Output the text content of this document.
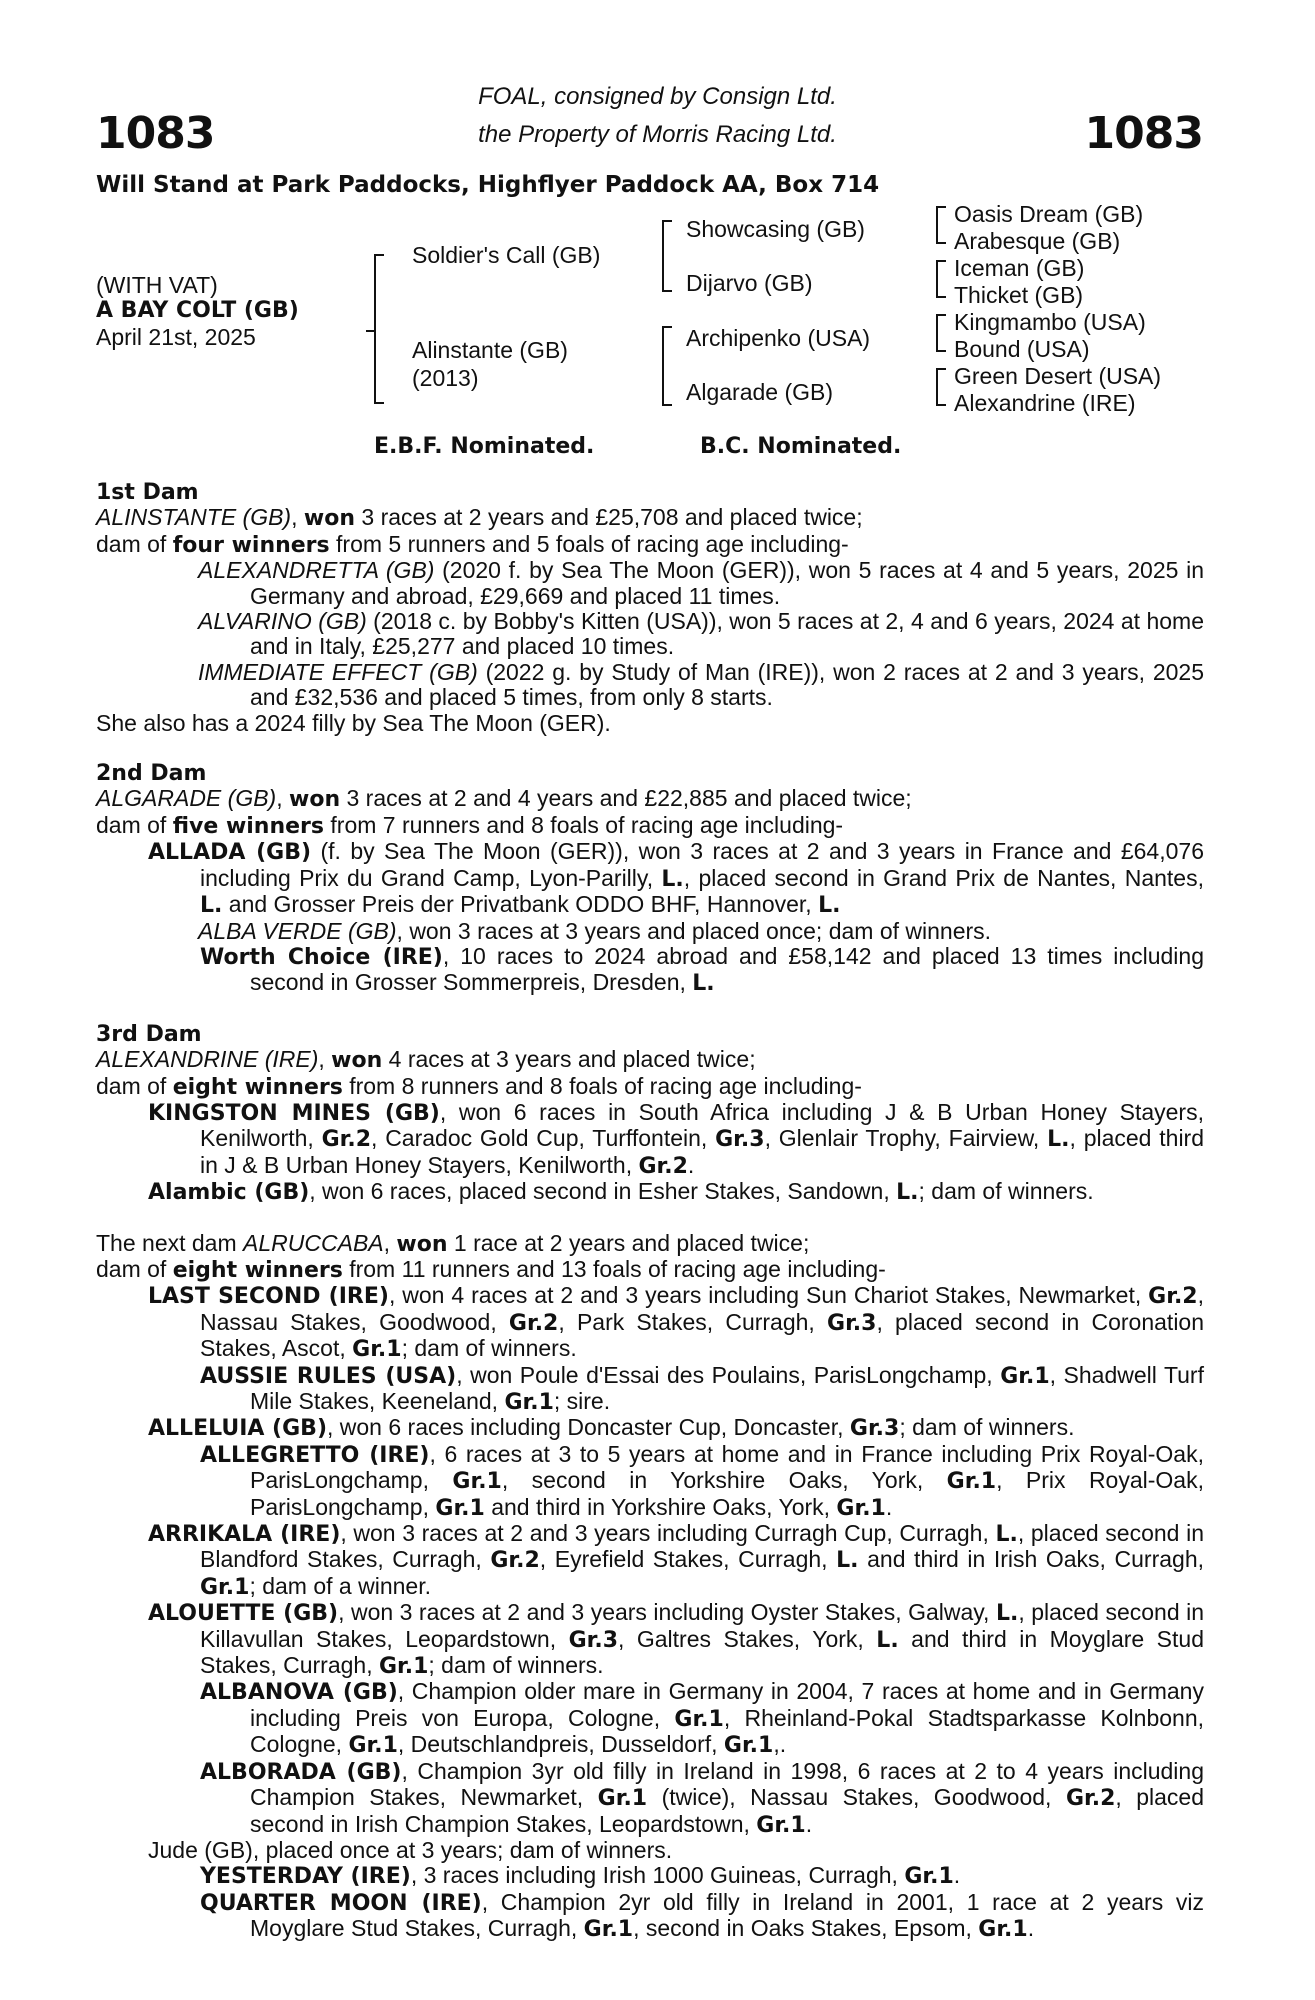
1083	1083
FOAL, consigned by Consign Ltd.
the Property of Morris Racing Ltd.
Will Stand at Park Paddocks, Highflyer Paddock AA, Box 714
(WITH VAT)
A BAY COLT (GB)
April 21st, 2025
Soldier's Call (GB)
Alinstante (GB)
(2013)
Showcasing (GB)
Dijarvo (GB)
Archipenko (USA)
Algarade (GB)
Oasis Dream (GB)
Arabesque (GB)
Iceman (GB)
Thicket (GB)
Kingmambo (USA)
Bound (USA)
Green Desert (USA)
Alexandrine (IRE)
E.B.F. Nominated.	B.C. Nominated.

1st Dam

ALINSTANTE (GB), won 3 races at 2 years and £25,708 and placed twice;

dam of four winners from 5 runners and 5 foals of racing age including-

ALEXANDRETTA (GB) (2020 f. by Sea The Moon (GER)), won 5 races at 4 and 5 years, 2025 in Germany and abroad, £29,669 and placed 11 times.

ALVARINO (GB) (2018 c. by Bobby's Kitten (USA)), won 5 races at 2, 4 and 6 years, 2024 at home and in Italy, £25,277 and placed 10 times.

IMMEDIATE EFFECT (GB) (2022 g. by Study of Man (IRE)), won 2 races at 2 and 3 years, 2025 and £32,536 and placed 5 times, from only 8 starts.

She also has a 2024 filly by Sea The Moon (GER).

2nd Dam

ALGARADE (GB), won 3 races at 2 and 4 years and £22,885 and placed twice;

dam of five winners from 7 runners and 8 foals of racing age including-

ALLADA (GB) (f. by Sea The Moon (GER)), won 3 races at 2 and 3 years in France and £64,076 including Prix du Grand Camp, Lyon-Parilly, L., placed second in Grand Prix de Nantes, Nantes, L. and Grosser Preis der Privatbank ODDO BHF, Hannover, L.

ALBA VERDE (GB), won 3 races at 3 years and placed once; dam of winners.

Worth Choice (IRE), 10 races to 2024 abroad and £58,142 and placed 13 times including second in Grosser Sommerpreis, Dresden, L.

3rd Dam

ALEXANDRINE (IRE), won 4 races at 3 years and placed twice;

dam of eight winners from 8 runners and 8 foals of racing age including-

KINGSTON MINES (GB), won 6 races in South Africa including J & B Urban Honey Stayers, Kenilworth, Gr.2, Caradoc Gold Cup, Turffontein, Gr.3, Glenlair Trophy, Fairview, L., placed third in J & B Urban Honey Stayers, Kenilworth, Gr.2.

Alambic (GB), won 6 races, placed second in Esher Stakes, Sandown, L.; dam of winners.

The next dam ALRUCCABA, won 1 race at 2 years and placed twice;

dam of eight winners from 11 runners and 13 foals of racing age including-

LAST SECOND (IRE), won 4 races at 2 and 3 years including Sun Chariot Stakes, Newmarket, Gr.2, Nassau Stakes, Goodwood, Gr.2, Park Stakes, Curragh, Gr.3, placed second in Coronation Stakes, Ascot, Gr.1; dam of winners.

AUSSIE RULES (USA), won Poule d'Essai des Poulains, ParisLongchamp, Gr.1, Shadwell Turf Mile Stakes, Keeneland, Gr.1; sire.

ALLELUIA (GB), won 6 races including Doncaster Cup, Doncaster, Gr.3; dam of winners.

ALLEGRETTO (IRE), 6 races at 3 to 5 years at home and in France including Prix Royal-Oak, ParisLongchamp, Gr.1, second in Yorkshire Oaks, York, Gr.1, Prix Royal-Oak, ParisLongchamp, Gr.1 and third in Yorkshire Oaks, York, Gr.1.

ARRIKALA (IRE), won 3 races at 2 and 3 years including Curragh Cup, Curragh, L., placed second in Blandford Stakes, Curragh, Gr.2, Eyrefield Stakes, Curragh, L. and third in Irish Oaks, Curragh, Gr.1; dam of a winner.

ALOUETTE (GB), won 3 races at 2 and 3 years including Oyster Stakes, Galway, L., placed second in Killavullan Stakes, Leopardstown, Gr.3, Galtres Stakes, York, L. and third in Moyglare Stud Stakes, Curragh, Gr.1; dam of winners.

ALBANOVA (GB), Champion older mare in Germany in 2004, 7 races at home and in Germany including Preis von Europa, Cologne, Gr.1, Rheinland-Pokal Stadtsparkasse Kolnbonn, Cologne, Gr.1, Deutschlandpreis, Dusseldorf, Gr.1,.

ALBORADA (GB), Champion 3yr old filly in Ireland in 1998, 6 races at 2 to 4 years including Champion Stakes, Newmarket, Gr.1 (twice), Nassau Stakes, Goodwood, Gr.2, placed second in Irish Champion Stakes, Leopardstown, Gr.1.

Jude (GB), placed once at 3 years; dam of winners.

YESTERDAY (IRE), 3 races including Irish 1000 Guineas, Curragh, Gr.1.

QUARTER MOON (IRE), Champion 2yr old filly in Ireland in 2001, 1 race at 2 years viz Moyglare Stud Stakes, Curragh, Gr.1, second in Oaks Stakes, Epsom, Gr.1.
